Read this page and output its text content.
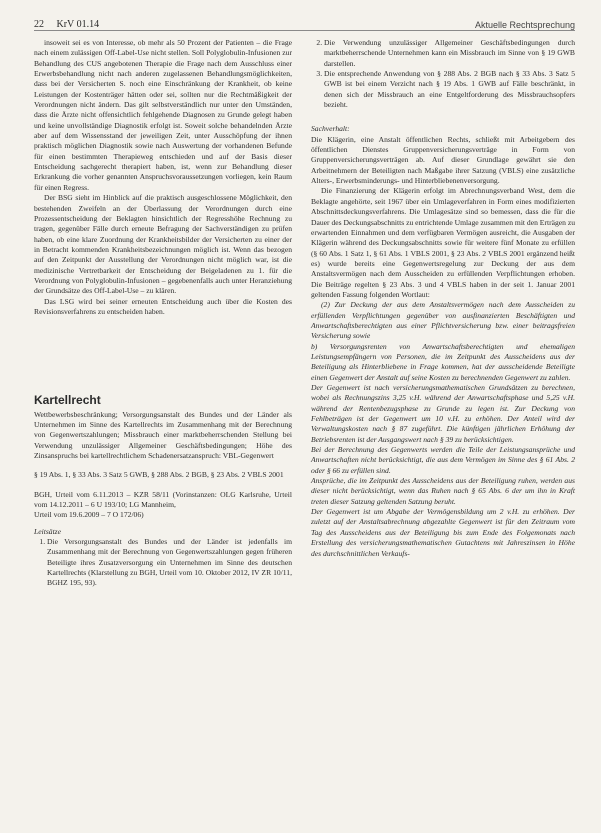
22 KrV 01.14	Aktuelle Rechtsprechung

insoweit sei es von Interesse, ob mehr als 50 Prozent der Patienten – die Frage nach einem zulässigen Off-Label-Use nicht stellen. Soll Polyglobulin-Infusionen zur Behandlung des CUS angebotenen Therapie die Frage nach dem Ausschluss einer Erwerbsbehandlung nicht nach anderen zugelassenen Behandlungsmöglichkeiten, dass bei der Versicherten S. noch eine Einschränkung der Krankheit, ob keine Leistungen der Kostenträger hätten oder sei, sollten nur die Rechtmäßigkeit der Verordnungen nicht ändern. Das gilt selbstverständlich nur unter den Umständen, dass die Ärzte nicht offensichtlich fehlgehende Diagnosen zu Grunde gelegt haben und keine unvollständige Diagnostik erfolgt ist. Soweit solche behandelnden Ärzte aber auf dem Wissensstand der jeweiligen Zeit, unter Ausschöpfung der ihnen praktisch möglichen Diagnostik sowie nach Auswertung der vorhandenen Befunde für einen bestimmten Therapieweg entschieden und auf der Basis dieser Entscheidung sachgerecht therapiert haben, ist, wenn zur Behandlung dieser Erkrankung die vorher genannten Anspruchsvoraussetzungen vorliegen, kein Raum für einen Regress.

Der BSG sieht im Hinblick auf die praktisch ausgeschlossene Möglichkeit, den bestehenden Zweifeln an der Überlassung der Verordnungen durch eine Prozessentscheidung der Beklagten hinsichtlich der Regresshöhe Rechnung zu tragen, gegenüber Fälle durch erneute Befragung der Sachverständigen zu prüfen haben, ob eine klare Zuordnung der Krankheitsbilder der Versicherten zu einer der in Betracht kommenden Krankheitsbezeichnungen möglich ist. Wenn das bezogen auf den Zeitpunkt der Ausstellung der Verordnungen nicht möglich war, ist die medizinische Vertretbarkeit der Entscheidung der Beigeladenen zu 1. für die Verordnung von Polyglobulin-Infusionen – gegebenenfalls auch unter Heranziehung der Grundsätze des Off-Label-Use – zu klären.

Das LSG wird bei seiner erneuten Entscheidung auch über die Kosten des Revisionsverfahrens zu entscheiden haben.

Kartellrecht

Wettbewerbsbeschränkung; Versorgungsanstalt des Bundes und der Länder als Unternehmen im Sinne des Kartellrechts im Zusammenhang mit der Berechnung von Gegenwertszahlungen; Missbrauch einer marktbeherrschenden Stellung bei Verwendung unzulässiger Allgemeiner Geschäftsbedingungen; Höhe des Zinsanspruchs bei kartellrechtlichem Schadenersatzanspruch: VBL-Gegenwert

§ 19 Abs. 1, § 33 Abs. 3 Satz 5 GWB, § 288 Abs. 2 BGB, § 23 Abs. 2 VBLS 2001

BGH, Urteil vom 6.11.2013 – KZR 58/11 (Vorinstanzen: OLG Karlsruhe, Urteil vom 14.12.2011 – 6 U 193/10; LG Mannheim,
Urteil vom 19.6.2009 – 7 O 172/06)

Leitsätze
1. Die Versorgungsanstalt des Bundes und der Länder ist jedenfalls im Zusammenhang mit der Berechnung von Gegenwertszahlungen gegen früheren Beteiligte ihres Zusatzversorgung ein Unternehmen im Sinne des deutschen Kartellrechts (Klarstellung zu BGH, Urteil vom 10. Oktober 2012, IV ZR 10/11, BGHZ 195, 93).
2. Die Verwendung unzulässiger Allgemeiner Geschäftsbedingungen durch marktbeherrschende Unternehmen kann ein Missbrauch im Sinne von § 19 GWB darstellen.
3. Die entsprechende Anwendung von § 288 Abs. 2 BGB nach § 33 Abs. 3 Satz 5 GWB ist bei einem Verzicht nach § 19 Abs. 1 GWB auf Fälle beschränkt, in denen sich der Missbrauch an eine Entgeltforderung des Missbrauchsopfers bezieht.
Sachverhalt:

Die Klägerin, eine Anstalt öffentlichen Rechts, schließt mit Arbeitgebern des öffentlichen Dienstes Gruppenversicherungsverträge in Form von Gruppenversicherungsverträgen ab. Auf dieser Grundlage gewährt sie den Arbeitnehmern der Beteiligten nach Maßgabe ihrer Satzung (VBLS) eine zusätzliche Alters-, Erwerbsminderungs- und Hinterbliebenenversorgung.

Die Finanzierung der Klägerin erfolgt im Abrechnungsverband West, dem die Beklagte angehörte, seit 1967 über ein Umlageverfahren in Form eines modifizierten Abschnittsdeckungsverfahrens. Die Umlagesätze sind so bemessen, dass die für die Dauer des Deckungsabschnitts zu entrichtende Umlage zusammen mit den Erträgen zu erwartenden Einnahmen und dem verfügbaren Vermögen ausreicht, die Ausgaben der Klägerin während des Deckungsabschnitts sowie für weitere fünf Monate zu erfüllen (§ 60 Abs. 1 Satz 1, § 61 Abs. 1 VBLS 2001, § 23 Abs. 2 VBLS 2001 ergänzend heißt es) wurde bereits eine Gegenwertsregelung zur Deckung der aus dem Anstaltsvermögen nach dem Ausscheiden zu erfüllenden Verpflichtungen erhoben. Die Beiträge regelten § 23 Abs. 3 und 4 VBLS haben in der seit 1. Januar 2001 geltenden Fassung folgenden Wortlaut:

(2) Zur Deckung der aus dem Anstaltsvermögen nach dem Ausscheiden zu erfüllenden Verpflichtungen gegenüber von ausfinanzierten Beschäftigten und Anwartschaftsberechtigten aus einer Pflichtversicherung bzw. einer beitragsfreien Versicherung sowie

b) Versorgungsrenten von Anwartschaftsberechtigten und ehemaligen Leistungsempfängern von Personen, die im Zeitpunkt des Ausscheidens aus der Beteiligung als Hinterbliebene in Frage kommen, hat der ausscheidende Beteiligte einen Gegenwert der Anstalt auf seine Kosten zu berechnenden Gegenwert zu zahlen.

Der Gegenwert ist nach versicherungsmathematischen Grundsätzen zu berechnen, wobei als Rechnungszins 3,25 v.H. während der Anwartschaftsphase und 5,25 v.H. während der Rentenbezugsphase zu Grunde zu legen ist. Zur Deckung von Fehlbeträgen ist der Gegenwert um 10 v.H. zu erhöhen. Der Anteil wird der Verwaltungskosten nach § 87 zugeführt. Die künftigen jährlichen Erhöhung der Betriebsrenten ist der Ausgangswert nach § 39 zu berücksichtigen.

Bei der Berechnung des Gegenwerts werden die Teile der Leistungsansprüche und Anwartschaften nicht berücksichtigt, die aus dem Vermögen im Sinne des § 61 Abs. 2 oder § 66 zu erfüllen sind.

Ansprüche, die im Zeitpunkt des Ausscheidens aus der Beteiligung ruhen, werden aus dieser nicht berücksichtigt, wenn das Ruhen nach § 65 Abs. 6 der um ihn in Kraft treten dieser Satzung geltenden Satzung beruht.

Der Gegenwert ist um Abgabe der Vermögensbildung um 2 v.H. zu erhöhen. Der zuletzt auf der Anstaltsabrechnung abgezahlte Gegenwert ist für den Zeitraum vom Tag des Ausscheidens aus der Beteiligung bis zum Ende des Folgemonats nach Erstellung des versicherungsmathematischen Gutachtens mit Jahreszinsen in Höhe des durchschnittlichen Verkaufs-
